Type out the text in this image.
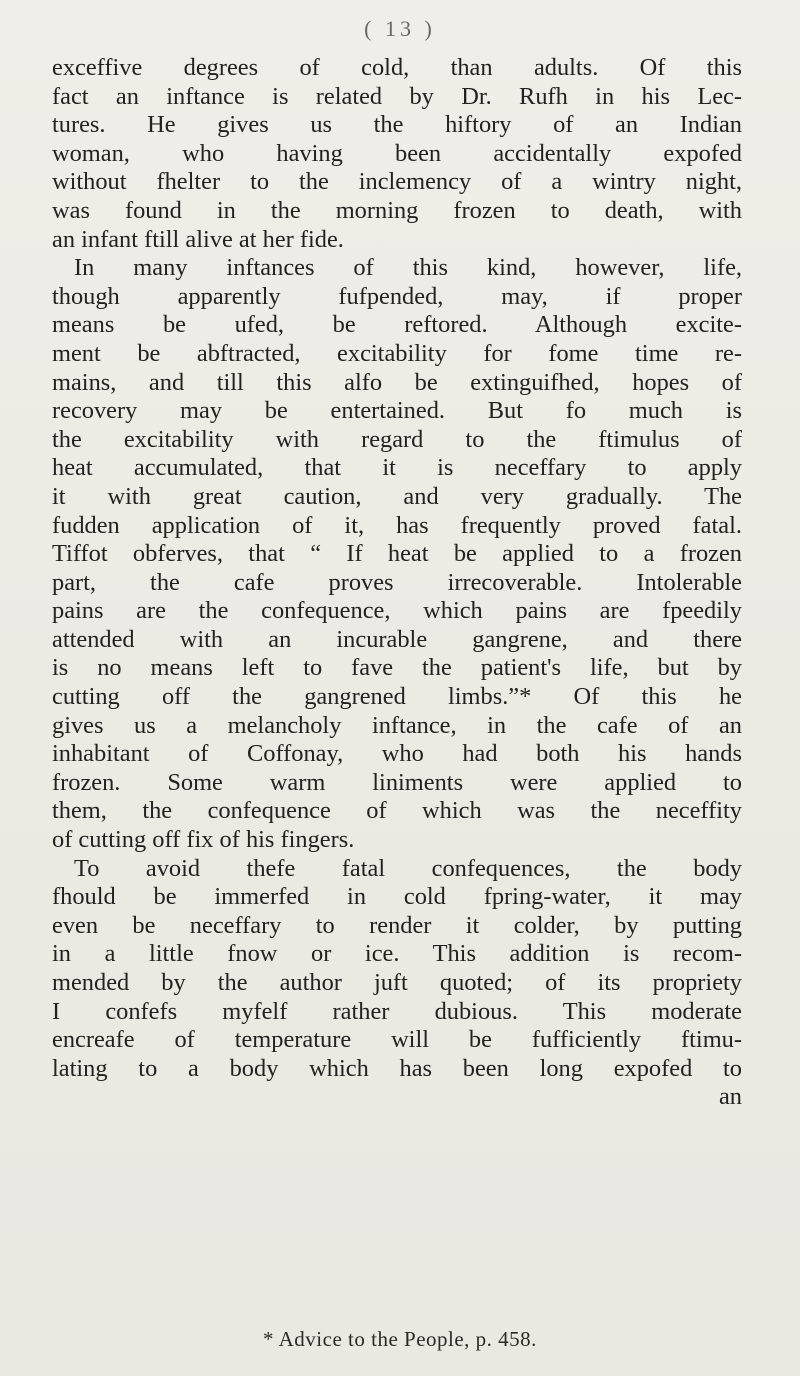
( 13 )
exceffive degrees of cold, than adults. Of this
fact an inftance is related by Dr. Rufh in his Lec-
tures. He gives us the hiftory of an Indian
woman, who having been accidentally expofed
without fhelter to the inclemency of a wintry night,
was found in the morning frozen to death, with
an infant ftill alive at her fide.
In many inftances of this kind, however, life,
though apparently fufpended, may, if proper
means be ufed, be reftored. Although excite-
ment be abftracted, excitability for fome time re-
mains, and till this alfo be extinguifhed, hopes of
recovery may be entertained. But fo much is
the excitability with regard to the ftimulus of
heat accumulated, that it is neceffary to apply
it with great caution, and very gradually. The
fudden application of it, has frequently proved fatal.
Tiffot obferves, that “ If heat be applied to a frozen
part, the cafe proves irrecoverable. Intolerable
pains are the confequence, which pains are fpeedily
attended with an incurable gangrene, and there
is no means left to fave the patient's life, but by
cutting off the gangrened limbs.”* Of this he
gives us a melancholy inftance, in the cafe of an
inhabitant of Coffonay, who had both his hands
frozen. Some warm liniments were applied to
them, the confequence of which was the neceffity
of cutting off fix of his fingers.
To avoid thefe fatal confequences, the body
fhould be immerfed in cold fpring-water, it may
even be neceffary to render it colder, by putting
in a little fnow or ice. This addition is recom-
mended by the author juft quoted; of its propriety
I confefs myfelf rather dubious. This moderate
encreafe of temperature will be fufficiently ftimu-
lating to a body which has been long expofed to
an
* Advice to the People, p. 458.
